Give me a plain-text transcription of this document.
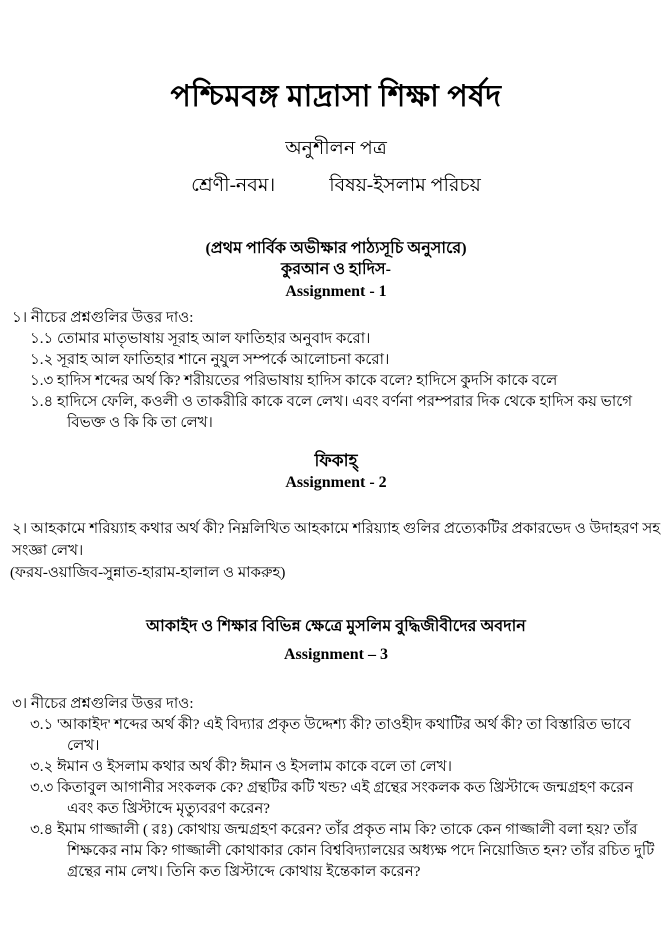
পশ্চিমবঙ্গ মাদ্রাসা শিক্ষা পর্ষদ
অনুশীলন পত্র
শ্রেণী-নবম।	বিষয়-ইসলাম পরিচয়
(প্রথম পার্বিক অভীক্ষার পাঠ্যসূচি অনুসারে)
কুরআন ও হাদিস-
Assignment - 1
১। নীচের প্রশ্নগুলির উত্তর দাও:
১.১ তোমার মাতৃভাষায় সূরাহ আল ফাতিহার অনুবাদ করো।
১.২ সূরাহ আল ফাতিহার শানে নুযুল সম্পর্কে আলোচনা করো।
১.৩ হাদিস শব্দের অর্থ কি? শরীয়তের পরিভাষায় হাদিস কাকে বলে? হাদিসে কুদসি কাকে বলে
১.৪ হাদিসে ফেলি, কওলী ও তাকরীরি কাকে বলে লেখ। এবং বর্ণনা পরম্পরার দিক থেকে হাদিস কয় ভাগে বিভক্ত ও কি কি তা লেখ।
ফিকাহ্
Assignment - 2
২। আহকামে শরিয়্যাহ কথার অর্থ কী? নিম্নলিখিত আহকামে শরিয়্যাহ গুলির প্রত্যেকটির প্রকারভেদ ও উদাহরণ সহ সংজ্ঞা লেখ।
(ফরয-ওয়াজিব-সুন্নাত-হারাম-হালাল ও মাকরুহ)
আকাইদ ও শিক্ষার বিভিন্ন ক্ষেত্রে মুসলিম বুদ্ধিজীবীদের অবদান
Assignment – 3
৩। নীচের প্রশ্নগুলির উত্তর দাও:
৩.১ 'আকাইদ' শব্দের অর্থ কী? এই বিদ্যার প্রকৃত উদ্দেশ্য কী? তাওহীদ কথাটির অর্থ কী? তা বিস্তারিত ভাবে লেখ।
৩.২ ঈমান ও ইসলাম কথার অর্থ কী? ঈমান ও ইসলাম কাকে বলে তা লেখ।
৩.৩ কিতাবুল আগানীর সংকলক কে? গ্রন্থটির কটি খন্ড? এই গ্রন্থের সংকলক কত খ্রিস্টাব্দে জন্মগ্রহণ করেন এবং কত খ্রিস্টাব্দে মৃত্যুবরণ করেন?
৩.৪ ইমাম গাজ্জালী ( রঃ) কোথায় জন্মগ্রহণ করেন? তাঁর প্রকৃত নাম কি? তাকে কেন গাজ্জালী বলা হয়? তাঁর শিক্ষকের নাম কি? গাজ্জালী কোথাকার কোন বিশ্ববিদ্যালয়ের অধ্যক্ষ পদে নিয়োজিত হন? তাঁর রচিত দুটি গ্রন্থের নাম লেখ। তিনি কত খ্রিস্টাব্দে কোথায় ইন্তেকাল করেন?
